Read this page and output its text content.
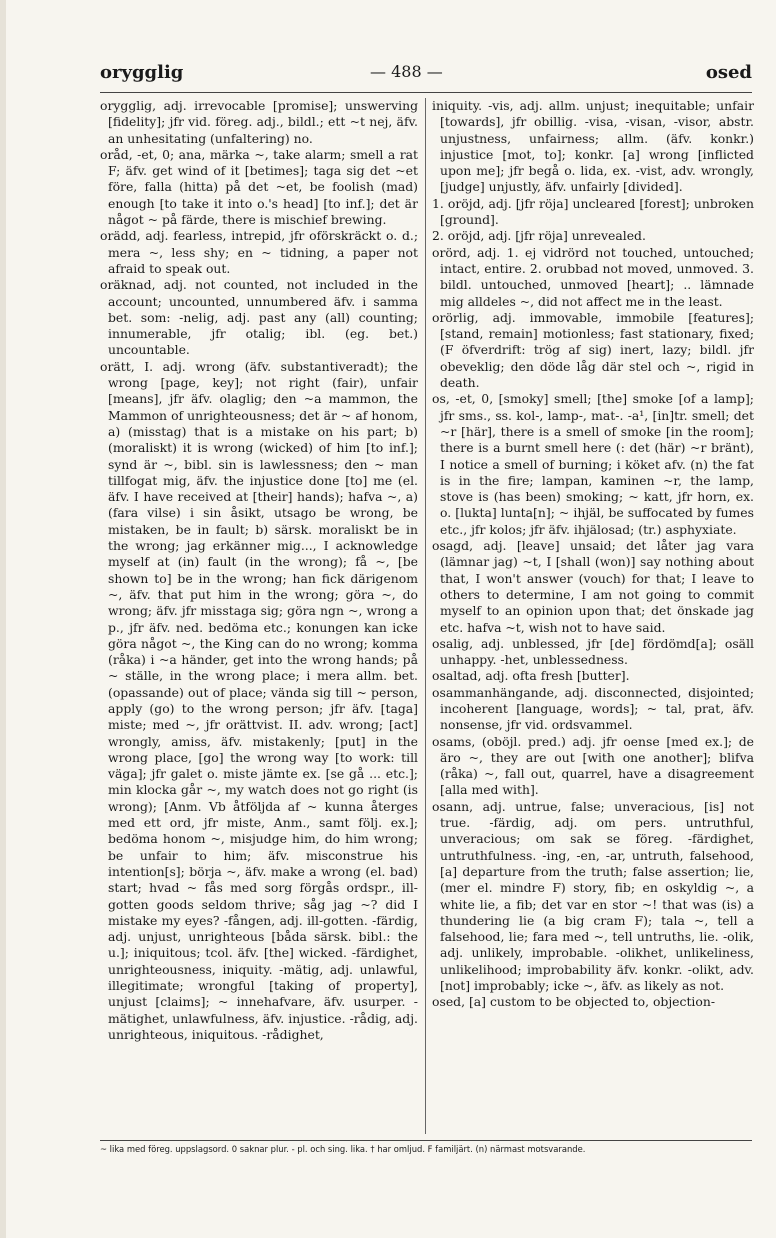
orygglig	— 488 —	osed

orygglig, adj. irrevocable [promise]; unswerving [fidelity]; jfr vid. föreg. adj., bildl.; ett ~t nej, äfv. an unhesitating (unfaltering) no.

oråd, -et, 0; ana, märka ~, take alarm; smell a rat F; äfv. get wind of it [betimes]; taga sig det ~et före, falla (hitta) på det ~et, be foolish (mad) enough [to take it into o.'s head] [to inf.]; det är något ~ på färde, there is mischief brewing.

orädd, adj. fearless, intrepid, jfr oförskräckt o. d.; mera ~, less shy; en ~ tidning, a paper not afraid to speak out.

oräknad, adj. not counted, not included in the account; uncounted, unnumbered äfv. i samma bet. som: -nelig, adj. past any (all) counting; innumerable, jfr otalig; ibl. (eg. bet.) uncountable.

orätt, I. adj. wrong (äfv. substantiveradt); the wrong [page, key]; not right (fair), unfair [means], jfr äfv. olaglig; den ~a mammon, the Mammon of unrighteousness; det är ~ af honom, a) (misstag) that is a mistake on his part; b) (moraliskt) it is wrong (wicked) of him [to inf.]; synd är ~, bibl. sin is lawlessness; den ~ man tillfogat mig, äfv. the injustice done [to] me (el. äfv. I have received at [their] hands); hafva ~, a) (fara vilse) i sin åsikt, utsago be wrong, be mistaken, be in fault; b) särsk. moraliskt be in the wrong; jag erkänner mig..., I acknowledge myself at (in) fault (in the wrong); få ~, [be shown to] be in the wrong; han fick därigenom ~, äfv. that put him in the wrong; göra ~, do wrong; äfv. jfr misstaga sig; göra ngn ~, wrong a p., jfr äfv. ned. bedöma etc.; konungen kan icke göra något ~, the King can do no wrong; komma (råka) i ~a händer, get into the wrong hands; på ~ ställe, in the wrong place; i mera allm. bet. (opassande) out of place; vända sig till ~ person, apply (go) to the wrong person; jfr äfv. [taga] miste; med ~, jfr orättvist. II. adv. wrong; [act] wrongly, amiss, äfv. mistakenly; [put] in the wrong place, [go] the wrong way [to work: till väga]; jfr galet o. miste jämte ex. [se gå ... etc.]; min klocka går ~, my watch does not go right (is wrong); [Anm. Vb åtföljda af ~ kunna återges med ett ord, jfr miste, Anm., samt följ. ex.]; bedöma honom ~, misjudge him, do him wrong; be unfair to him; äfv. misconstrue his intention[s]; börja ~, äfv. make a wrong (el. bad) start; hvad ~ fås med sorg förgås ordspr., ill-gotten goods seldom thrive; såg jag ~? did I mistake my eyes? -fången, adj. ill-gotten. -färdig, adj. unjust, unrighteous [båda särsk. bibl.: the u.]; iniquitous; tcol. äfv. [the] wicked. -färdighet, unrighteousness, iniquity. -mätig, adj. unlawful, illegitimate; wrongful [taking of property], unjust [claims]; ~ innehafvare, äfv. usurper. -mätighet, unlawfulness, äfv. injustice. -rådig, adj. unrighteous, iniquitous. -rådighet,

iniquity. -vis, adj. allm. unjust; inequitable; unfair [towards], jfr obillig. -visa, -visan, -visor, abstr. unjustness, unfairness; allm. (äfv. konkr.) injustice [mot, to]; konkr. [a] wrong [inflicted upon me]; jfr begå o. lida, ex. -vist, adv. wrongly, [judge] unjustly, äfv. unfairly [divided].

1. oröjd, adj. [jfr röja] uncleared [forest]; unbroken [ground].

2. oröjd, adj. [jfr röja] unrevealed.

orörd, adj. 1. ej vidrörd not touched, untouched; intact, entire. 2. orubbad not moved, unmoved. 3. bildl. untouched, unmoved [heart]; .. lämnade mig alldeles ~, did not affect me in the least.

orörlig, adj. immovable, immobile [features]; [stand, remain] motionless; fast stationary, fixed; (F öfverdrift: trög af sig) inert, lazy; bildl. jfr obeveklig; den döde låg där stel och ~, rigid in death.

os, -et, 0, [smoky] smell; [the] smoke [of a lamp]; jfr sms., ss. kol-, lamp-, mat-. -a¹, [in]tr. smell; det ~r [här], there is a smell of smoke [in the room]; there is a burnt smell here (: det (här) ~r bränt), I notice a smell of burning; i köket afv. (n) the fat is in the fire; lampan, kaminen ~r, the lamp, stove is (has been) smoking; ~ katt, jfr horn, ex. o. [lukta] lunta[n]; ~ ihjäl, be suffocated by fumes etc., jfr kolos; jfr äfv. ihjälosad; (tr.) asphyxiate.

osagd, adj. [leave] unsaid; det låter jag vara (lämnar jag) ~t, I [shall (won)] say nothing about that, I won't answer (vouch) for that; I leave to others to determine, I am not going to commit myself to an opinion upon that; det önskade jag etc. hafva ~t, wish not to have said.

osalig, adj. unblessed, jfr [de] fördömd[a]; osäll unhappy. -het, unblessedness.

osaltad, adj. ofta fresh [butter].

osammanhängande, adj. disconnected, disjointed; incoherent [language, words]; ~ tal, prat, äfv. nonsense, jfr vid. ordsvammel.

osams, (oböjl. pred.) adj. jfr oense [med ex.]; de äro ~, they are out [with one another]; blifva (råka) ~, fall out, quarrel, have a disagreement [alla med with].

osann, adj. untrue, false; unveracious, [is] not true. -färdig, adj. om pers. untruthful, unveracious; om sak se föreg. -färdighet, untruthfulness. -ing, -en, -ar, untruth, falsehood, [a] departure from the truth; false assertion; lie, (mer el. mindre F) story, fib; en oskyldig ~, a white lie, a fib; det var en stor ~! that was (is) a thundering lie (a big cram F); tala ~, tell a falsehood, lie; fara med ~, tell untruths, lie. -olik, adj. unlikely, improbable. -olikhet, unlikeliness, unlikelihood; improbability äfv. konkr. -olikt, adv. [not] improbably; icke ~, äfv. as likely as not.

osed, [a] custom to be objected to, objection-

~ lika med föreg. uppslagsord. 0 saknar plur. - pl. och sing. lika. † har omljud. F familjärt. (n) närmast motsvarande.
